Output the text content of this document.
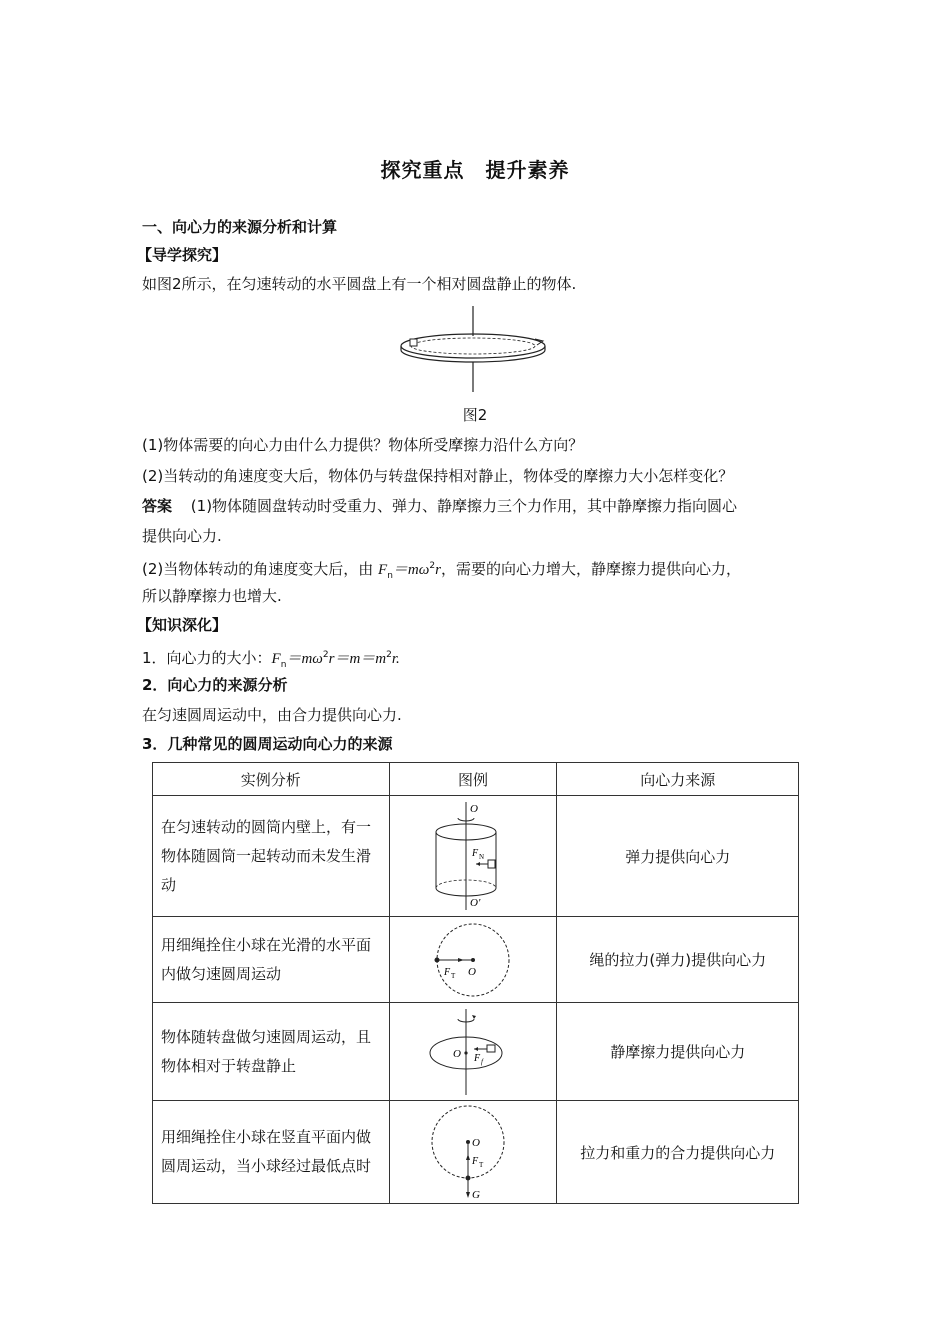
探究重点　提升素养
一、向心力的来源分析和计算
【导学探究】
如图2所示，在匀速转动的水平圆盘上有一个相对圆盘静止的物体.
图2
(1)物体需要的向心力由什么力提供？物体所受摩擦力沿什么方向？
(2)当转动的角速度变大后，物体仍与转盘保持相对静止，物体受的摩擦力大小怎样变化？
答案 (1)物体随圆盘转动时受重力、弹力、静摩擦力三个力作用，其中静摩擦力指向圆心
提供向心力.
(2)当物体转动的角速度变大后，由 $F_n=m\omega^2r$，需要的向心力增大，静摩擦力提供向心力，
所以静摩擦力也增大.
【知识深化】
1．向心力的大小：$F_n=m\omega^2r=m=m^2r$.
2．向心力的来源分析
在匀速圆周运动中，由合力提供向心力.
3．几种常见的圆周运动向心力的来源
实例分析	图例	向心力来源

在匀速转动的圆筒内壁上，有一物体随圆筒一起转动而未发生滑动	O
F N
O'	弹力提供向心力

用细绳拴住小球在光滑的水平面内做匀速圆周运动	F T O	绳的拉力(弹力)提供向心力

物体随转盘做匀速圆周运动，且物体相对于转盘静止	O F f	静摩擦力提供向心力

用细绳拴住小球在竖直平面内做圆周运动，当小球经过最低点时	O
F T
G	拉力和重力的合力提供向心力
